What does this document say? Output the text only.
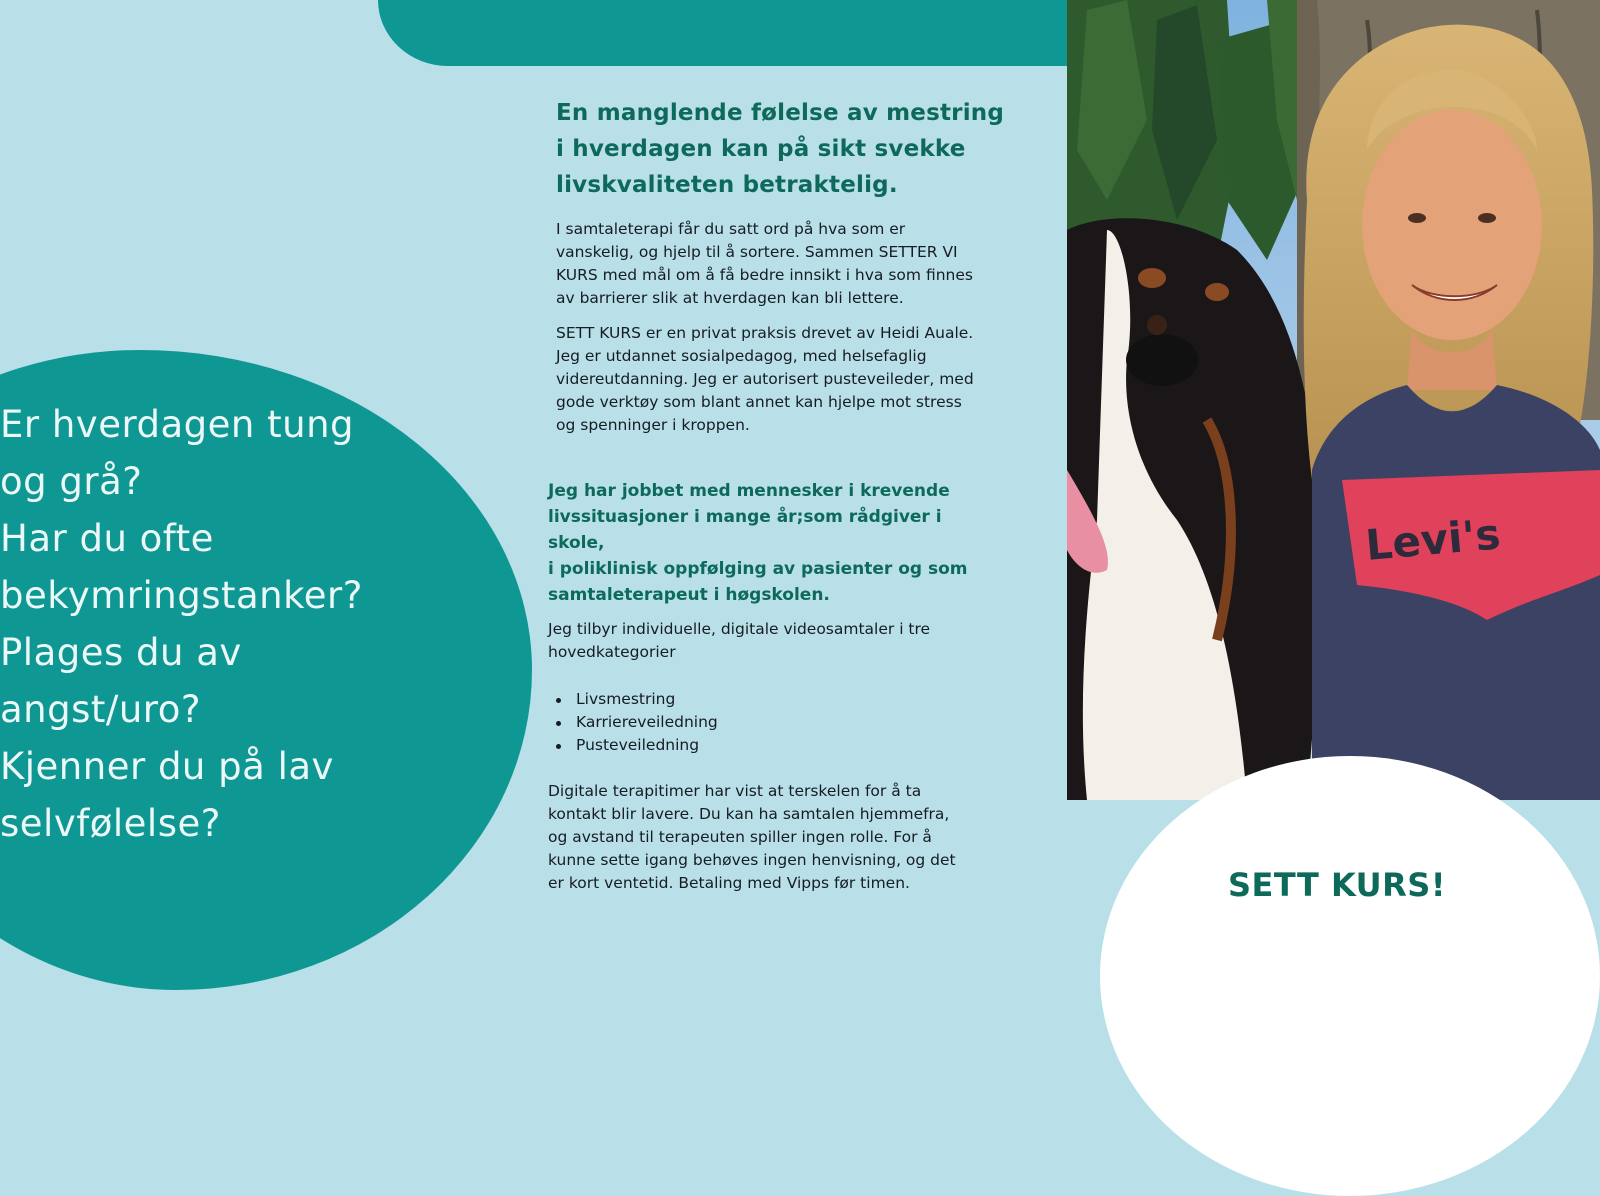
Er hverdagen tung
og grå?
Har du ofte
bekymringstanker?
Plages du av
angst/uro?
Kjenner du på lav
selvfølelse?
En manglende følelse av mestring
i hverdagen kan på sikt svekke
livskvaliteten betraktelig.
I samtaleterapi får du satt ord på hva som er
vanskelig, og hjelp til å sortere. Sammen SETTER VI
KURS med mål om å få bedre innsikt i hva som finnes
av barrierer slik at hverdagen kan bli lettere.
SETT KURS er en privat praksis drevet av Heidi Auale.
Jeg er utdannet sosialpedagog, med helsefaglig
videreutdanning. Jeg er autorisert pusteveileder, med
gode verktøy som blant annet kan hjelpe mot stress
og spenninger i kroppen.
Jeg har jobbet med mennesker i krevende
livssituasjoner i mange år;som rådgiver i skole,
i poliklinisk oppfølging av pasienter og som
samtaleterapeut i høgskolen.
Jeg tilbyr individuelle, digitale videosamtaler i tre
hovedkategorier
Livsmestring
Karriereveiledning
Pusteveiledning
Digitale terapitimer har vist at terskelen for å ta
kontakt blir lavere. Du kan ha samtalen hjemmefra,
og avstand til terapeuten spiller ingen rolle. For å
kunne sette igang behøves ingen henvisning, og det
er kort ventetid. Betaling med Vipps før timen.
Levi's
SETT KURS!
